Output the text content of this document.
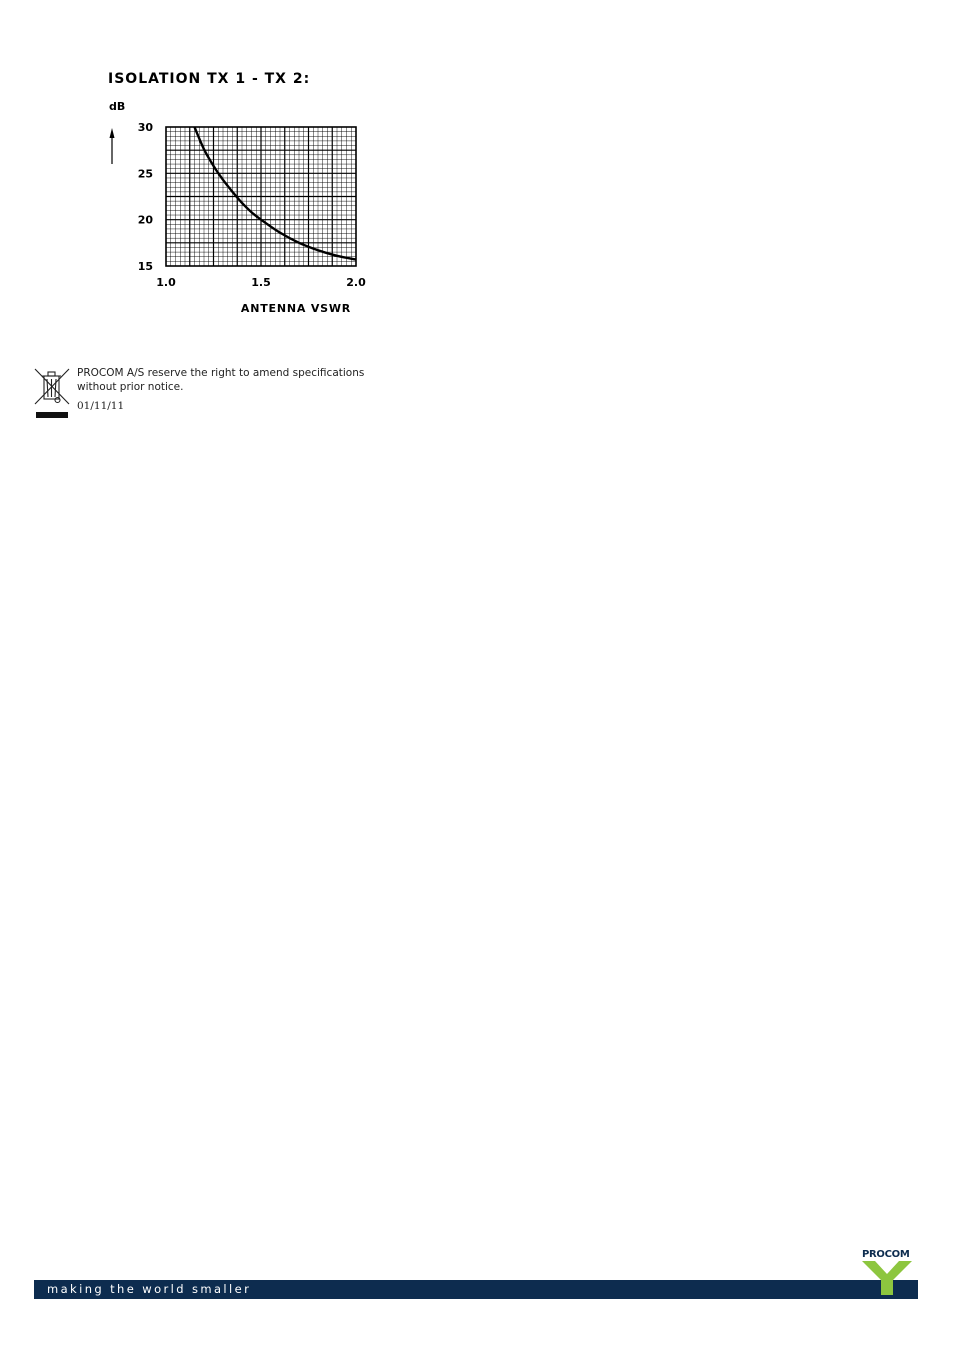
ISOLATION TX 1 - TX 2:
dB
30
25
20
15
1.0	1.5	2.0
ANTENNA VSWR
PROCOM A/S reserve the right to amend specifications without prior notice.
01/11/11
making the world smaller
PROCOM
